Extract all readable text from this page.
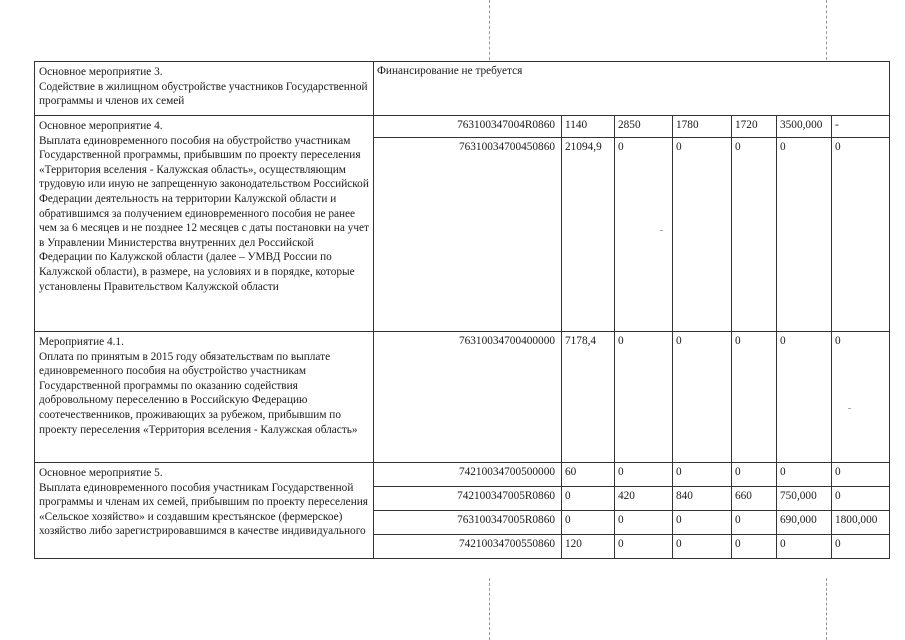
Основное мероприятие 3.
Содействие в жилищном обустройстве участников Государственной программы и членов их семей	Финансирование не требуется						

Основное мероприятие 4.
Выплата единовременного пособия на обустройство участникам Государственной программы, прибывшим по проекту переселения «Территория вселения - Калужская область», осуществляющим трудовую или иную не запрещенную законодательством Российской Федерации деятельность на территории Калужской области и обратившимся за получением единовременного пособия не ранее чем за 6 месяцев и не позднее 12 месяцев с даты постановки на учет в Управлении Министерства внутренних дел Российской Федерации по Калужской области (далее – УМВД России по Калужской области), в размере, на условиях и в порядке, которые установлены Правительством Калужской области	763100347004R0860	1140	2850	1780	1720	3500,000	-
	76310034700450860	21094,9	0	0	0	0	0

Мероприятие 4.1.
Оплата по принятым в 2015 году обязательствам по выплате единовременного пособия на обустройство участникам Государственной программы по оказанию содействия добровольному переселению в Российскую Федерацию соотечественников, проживающих за рубежом, прибывшим по проекту переселения «Территория вселения - Калужская область»	76310034700400000	7178,4	0	0	0	0	0

Основное мероприятие 5.
Выплата единовременного пособия участникам Государственной программы и членам их семей, прибывшим по проекту переселения «Сельское хозяйство» и создавшим крестьянское (фермерское) хозяйство либо зарегистрировавшимся в качестве индивидуального	74210034700500000	60	0	0	0	0	0
	742100347005R0860	0	420	840	660	750,000	0
	763100347005R0860	0	0	0	0	690,000	1800,000
	74210034700550860	120	0	0	0	0	0
